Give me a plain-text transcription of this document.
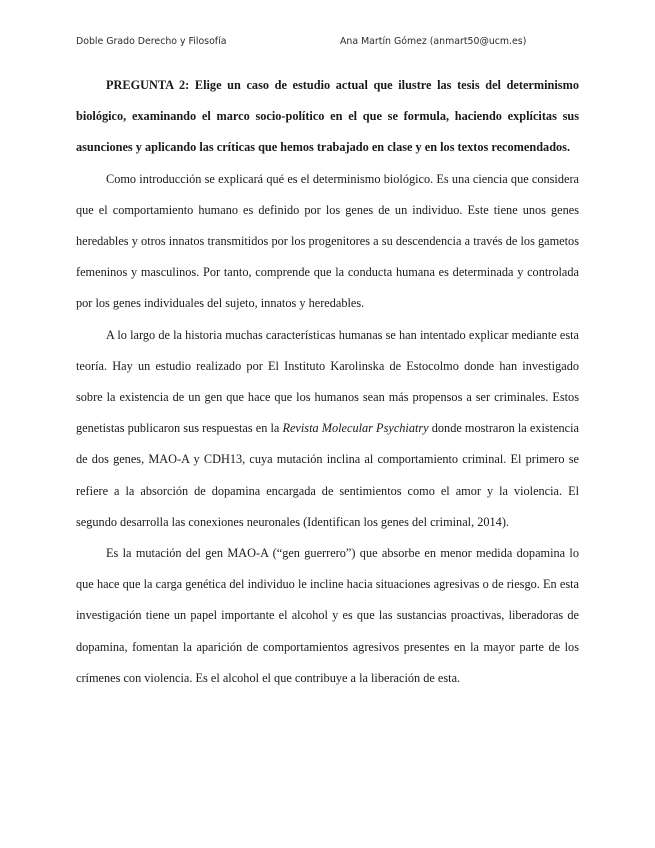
Doble Grado Derecho y Filosofía	Ana Martín Gómez (anmart50@ucm.es)

PREGUNTA 2: Elige un caso de estudio actual que ilustre las tesis del determinismo biológico, examinando el marco socio-político en el que se formula, haciendo explícitas sus asunciones y aplicando las críticas que hemos trabajado en clase y en los textos recomendados.

Como introducción se explicará qué es el determinismo biológico. Es una ciencia que considera que el comportamiento humano es definido por los genes de un individuo. Este tiene unos genes heredables y otros innatos transmitidos por los progenitores a su descendencia a través de los gametos femeninos y masculinos. Por tanto, comprende que la conducta humana es determinada y controlada por los genes individuales del sujeto, innatos y heredables.

A lo largo de la historia muchas características humanas se han intentado explicar mediante esta teoría. Hay un estudio realizado por El Instituto Karolinska de Estocolmo donde han investigado sobre la existencia de un gen que hace que los humanos sean más propensos a ser criminales. Estos genetistas publicaron sus respuestas en la Revista Molecular Psychiatry donde mostraron la existencia de dos genes, MAO-A y CDH13, cuya mutación inclina al comportamiento criminal. El primero se refiere a la absorción de dopamina encargada de sentimientos como el amor y la violencia. El segundo desarrolla las conexiones neuronales (Identifican los genes del criminal, 2014).

Es la mutación del gen MAO-A (“gen guerrero”) que absorbe en menor medida dopamina lo que hace que la carga genética del individuo le incline hacia situaciones agresivas o de riesgo. En esta investigación tiene un papel importante el alcohol y es que las sustancias proactivas, liberadoras de dopamina, fomentan la aparición de comportamientos agresivos presentes en la mayor parte de los crímenes con violencia. Es el alcohol el que contribuye a la liberación de esta.
